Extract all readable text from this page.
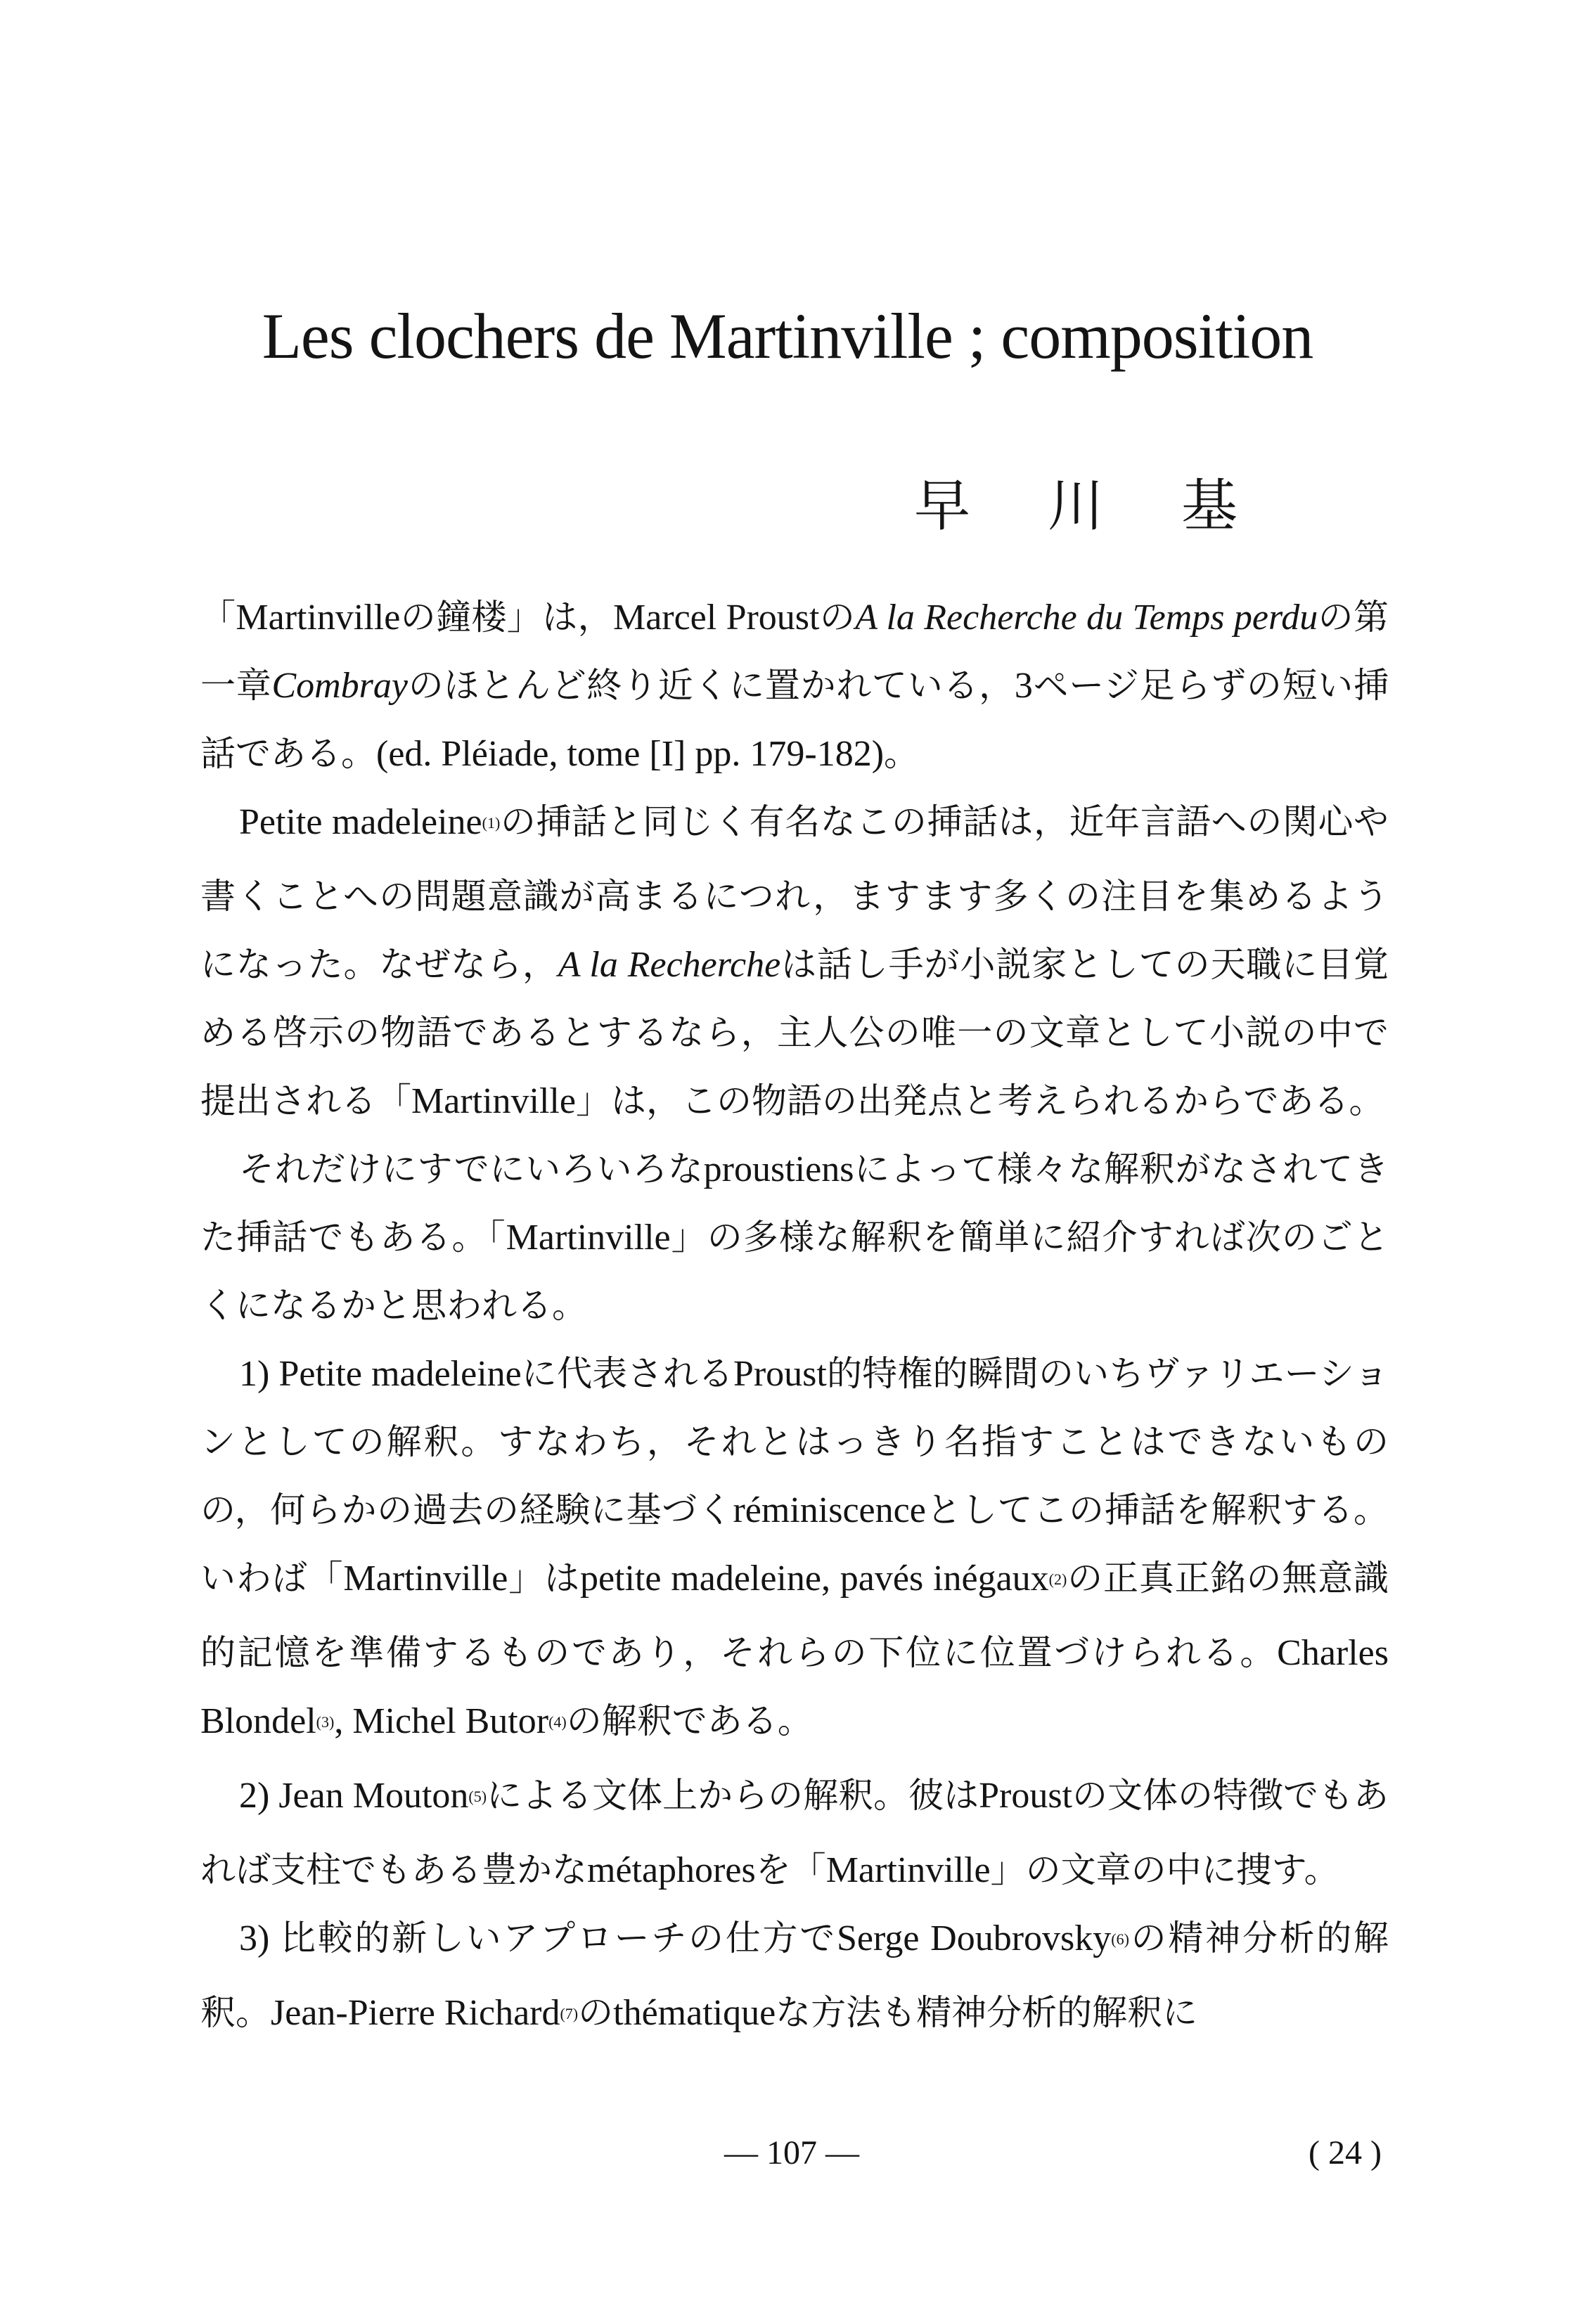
Les clochers de Martinville ; composition
早川基

「Martinvilleの鐘楼」は，Marcel ProustのA la Recherche du Temps perduの第一章Combrayのほとんど終り近くに置かれている，3ページ足らずの短い挿話である。(ed. Pléiade, tome [I] pp. 179-182)。

Petite madeleine$^{(1)}$の挿話と同じく有名なこの挿話は，近年言語への関心や書くことへの問題意識が高まるにつれ，ますます多くの注目を集めるようになった。なぜなら，A la Rechercheは話し手が小説家としての天職に目覚める啓示の物語であるとするなら，主人公の唯一の文章として小説の中で提出される「Martinville」は，この物語の出発点と考えられるからである。

それだけにすでにいろいろなproustiensによって様々な解釈がなされてきた挿話でもある。「Martinville」の多様な解釈を簡単に紹介すれば次のごとくになるかと思われる。

1) Petite madeleineに代表されるProust的特権的瞬間のいちヴァリエーションとしての解釈。すなわち，それとはっきり名指すことはできないものの，何らかの過去の経験に基づくréminiscenceとしてこの挿話を解釈する。いわば「Martinville」はpetite madeleine, pavés inégaux$^{(2)}$の正真正銘の無意識的記憶を準備するものであり，それらの下位に位置づけられる。Charles Blondel$^{(3)}$, Michel Butor$^{(4)}$の解釈である。

2) Jean Mouton$^{(5)}$による文体上からの解釈。彼はProustの文体の特徴でもあれば支柱でもある豊かなmétaphoresを「Martinville」の文章の中に捜す。

3) 比較的新しいアプローチの仕方でSerge Doubrovsky$^{(6)}$の精神分析的解釈。Jean-Pierre Richard$^{(7)}$のthématiqueな方法も精神分析的解釈に

— 107 —	( 24 )
